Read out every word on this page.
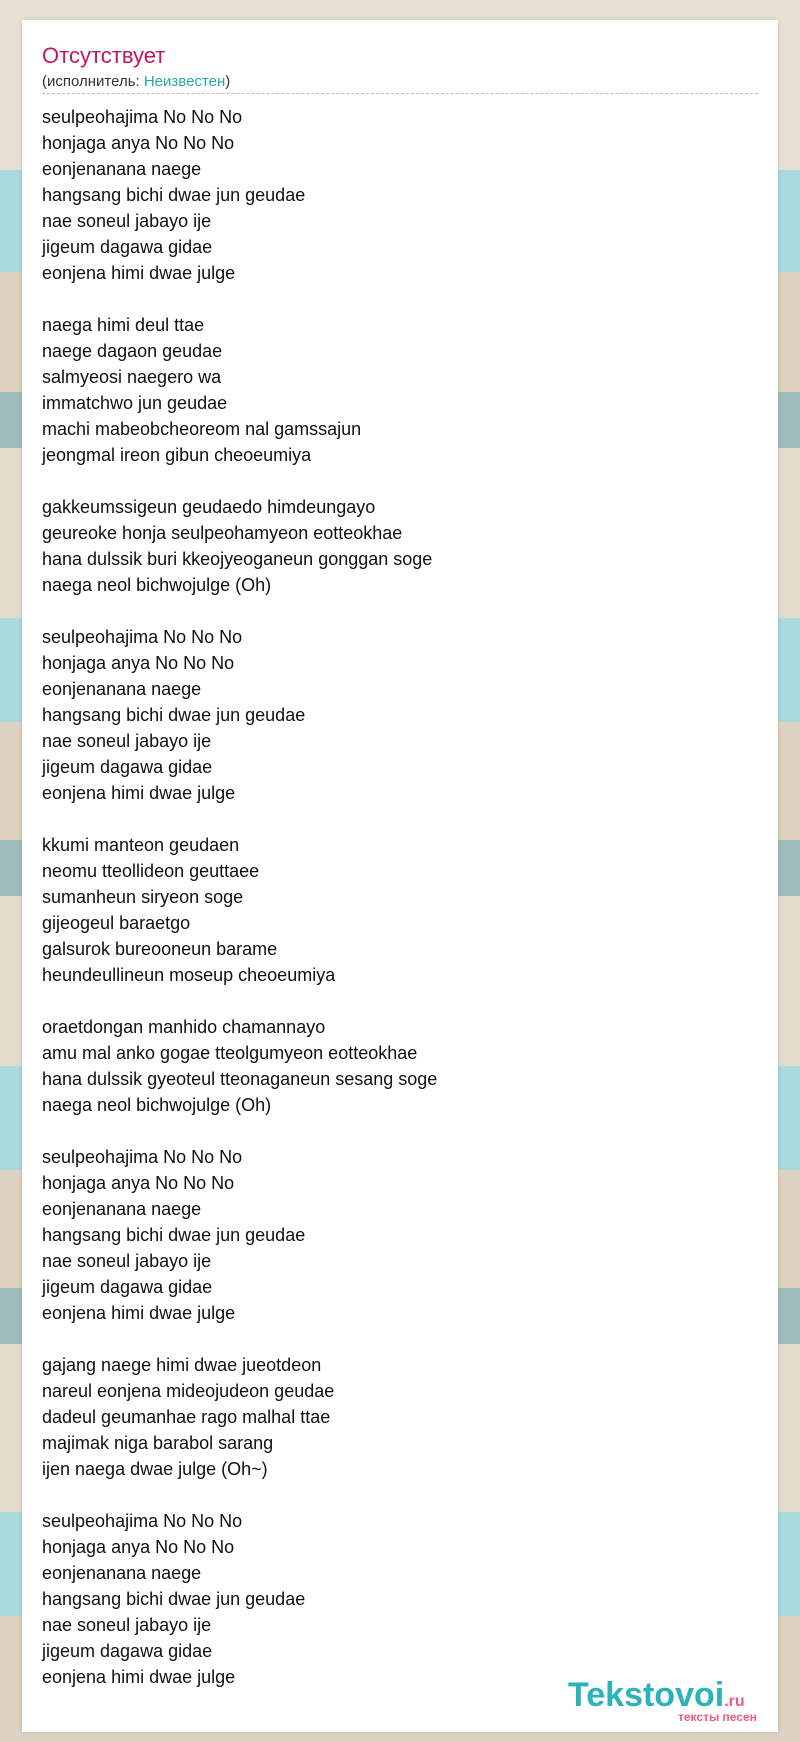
Отсутствует
(исполнитель: Неизвестен)
seulpeohajima No No No
honjaga anya No No No
eonjenanana naege
hangsang bichi dwae jun geudae
nae soneul jabayo ije
jigeum dagawa gidae
eonjena himi dwae julge
naega himi deul ttae
naege dagaon geudae
salmyeosi naegero wa
immatchwo jun geudae
machi mabeobcheoreom nal gamssajun
jeongmal ireon gibun cheoeumiya
gakkeumssigeun geudaedo himdeungayo
geureoke honja seulpeohamyeon eotteokhae
hana dulssik buri kkeojyeoganeun gonggan soge
naega neol bichwojulge (Oh)
seulpeohajima No No No
honjaga anya No No No
eonjenanana naege
hangsang bichi dwae jun geudae
nae soneul jabayo ije
jigeum dagawa gidae
eonjena himi dwae julge
kkumi manteon geudaen
neomu tteollideon geuttaee
sumanheun siryeon soge
gijeogeul baraetgo
galsurok bureooneun barame
heundeullineun moseup cheoeumiya
oraetdongan manhido chamannayo
amu mal anko gogae tteolgumyeon eotteokhae
hana dulssik gyeoteul tteonaganeun sesang soge
naega neol bichwojulge (Oh)
seulpeohajima No No No
honjaga anya No No No
eonjenanana naege
hangsang bichi dwae jun geudae
nae soneul jabayo ije
jigeum dagawa gidae
eonjena himi dwae julge
gajang naege himi dwae jueotdeon
nareul eonjena mideojudeon geudae
dadeul geumanhae rago malhal ttae
majimak niga barabol sarang
ijen naega dwae julge (Oh~)
seulpeohajima No No No
honjaga anya No No No
eonjenanana naege
hangsang bichi dwae jun geudae
nae soneul jabayo ije
jigeum dagawa gidae
eonjena himi dwae julge	Tekstovoi.ru
тексты песен
